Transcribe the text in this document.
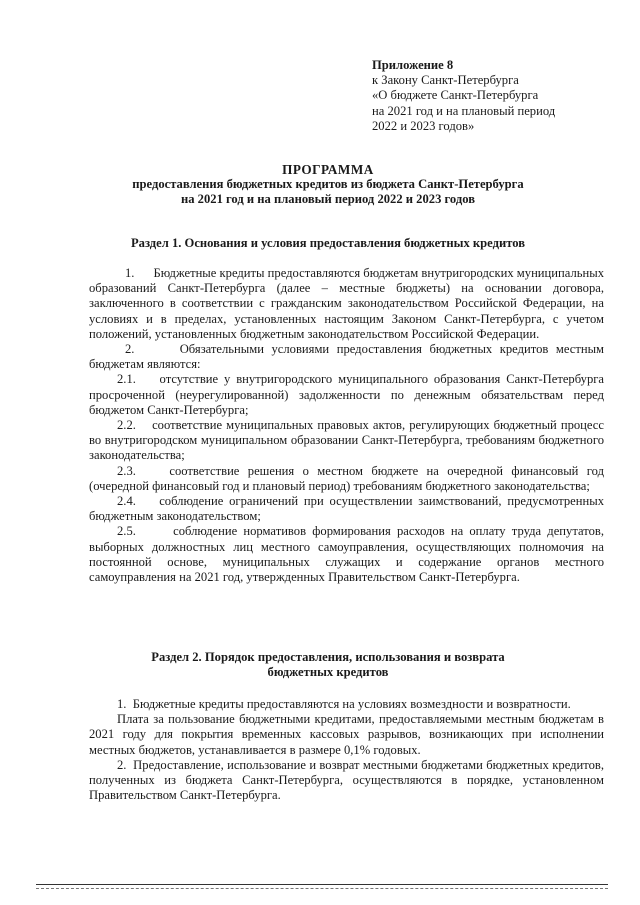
Приложение 8
к Закону Санкт-Петербурга
«О бюджете Санкт-Петербурга
на 2021 год и на плановый период
2022 и 2023 годов»
ПРОГРАММА
предоставления бюджетных кредитов из бюджета Санкт-Петербурга
на 2021 год и на плановый период 2022 и 2023 годов
Раздел 1. Основания и условия предоставления бюджетных кредитов

1.      Бюджетные кредиты предоставляются бюджетам внутригородских муниципальных образований Санкт-Петербурга (далее – местные бюджеты) на основании договора, заключенного в соответствии с гражданским законодательством Российской Федерации, на условиях и в пределах, установленных настоящим Законом Санкт-Петербурга, с учетом положений, установленных бюджетным законодательством Российской Федерации.

2.      Обязательными условиями предоставления бюджетных кредитов местным бюджетам являются:

2.1.    отсутствие у внутригородского муниципального образования Санкт-Петербурга просроченной (неурегулированной) задолженности по денежным обязательствам перед бюджетом Санкт-Петербурга;

2.2.    соответствие муниципальных правовых актов, регулирующих бюджетный процесс во внутригородском муниципальном образовании Санкт-Петербурга, требованиям бюджетного законодательства;

2.3.    соответствие решения о местном бюджете на очередной финансовый год (очередной финансовый год и плановый период) требованиям бюджетного законодательства;

2.4.    соблюдение ограничений при осуществлении заимствований, предусмотренных бюджетным законодательством;

2.5.      соблюдение нормативов формирования расходов на оплату труда депутатов, выборных должностных лиц местного самоуправления, осуществляющих полномочия на постоянной основе, муниципальных служащих и содержание органов местного самоуправления на 2021 год, утвержденных Правительством Санкт-Петербурга.

Раздел 2. Порядок предоставления, использования и возврата
бюджетных кредитов

1.  Бюджетные кредиты предоставляются на условиях возмездности и возвратности.

Плата за пользование бюджетными кредитами, предоставляемыми местным бюджетам в 2021 году для покрытия временных кассовых разрывов, возникающих при исполнении местных бюджетов, устанавливается в размере 0,1% годовых.

2.  Предоставление, использование и возврат местными бюджетами бюджетных кредитов, полученных из бюджета Санкт-Петербурга, осуществляются в порядке, установленном Правительством Санкт-Петербурга.
